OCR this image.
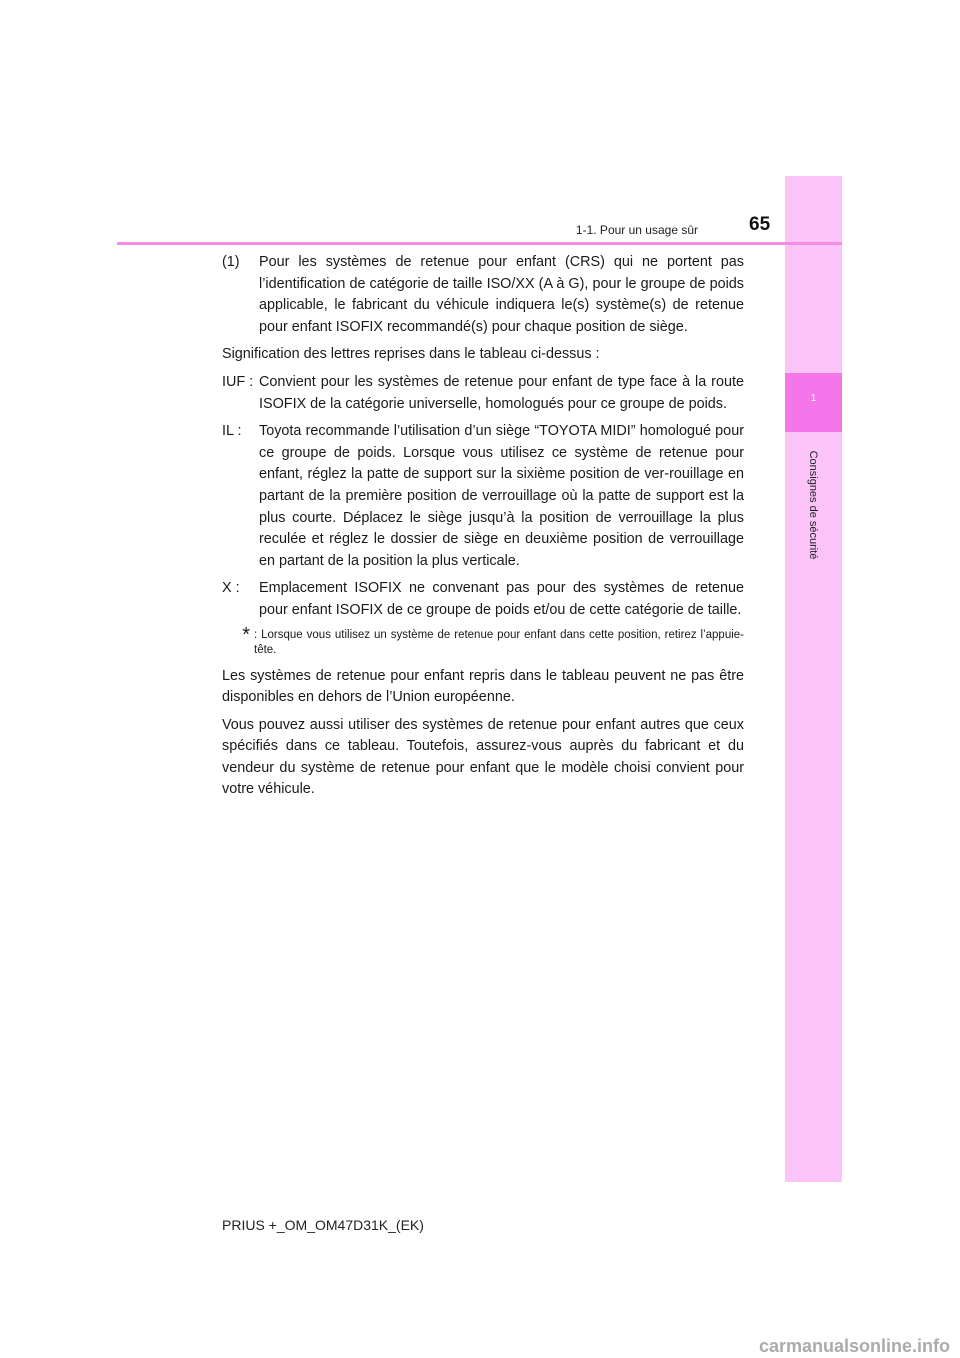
1
Consignes de sécurité
1-1. Pour un usage sûr	65
(1)	Pour les systèmes de retenue pour enfant (CRS) qui ne portent pas l’identification de catégorie de taille ISO/XX (A à G), pour le groupe de poids applicable, le fabricant du véhicule indiquera le(s) système(s) de retenue pour enfant ISOFIX recommandé(s) pour chaque position de siège.

Signification des lettres reprises dans le tableau ci-dessus :

IUF : Convient pour les systèmes de retenue pour enfant de type face à la route ISOFIX de la catégorie universelle, homologués pour ce groupe de poids.
IL :	Toyota recommande l’utilisation d’un siège “TOYOTA MIDI” homologué pour ce groupe de poids. Lorsque vous utilisez ce système de retenue pour enfant, réglez la patte de support sur la sixième position de ver-rouillage en partant de la première position de verrouillage où la patte de support est la plus courte. Déplacez le siège jusqu’à la position de verrouillage la plus reculée et réglez le dossier de siège en deuxième position de verrouillage en partant de la position la plus verticale.
X :	Emplacement ISOFIX ne convenant pas pour des systèmes de retenue pour enfant ISOFIX de ce groupe de poids et/ou de cette catégorie de taille.
* : Lorsque vous utilisez un système de retenue pour enfant dans cette position, retirez l’appuie-tête.

Les systèmes de retenue pour enfant repris dans le tableau peuvent ne pas être disponibles en dehors de l’Union européenne.

Vous pouvez aussi utiliser des systèmes de retenue pour enfant autres que ceux spécifiés dans ce tableau. Toutefois, assurez-vous auprès du fabricant et du vendeur du système de retenue pour enfant que le modèle choisi convient pour votre véhicule.

PRIUS +_OM_OM47D31K_(EK)
carmanualsonline.info
